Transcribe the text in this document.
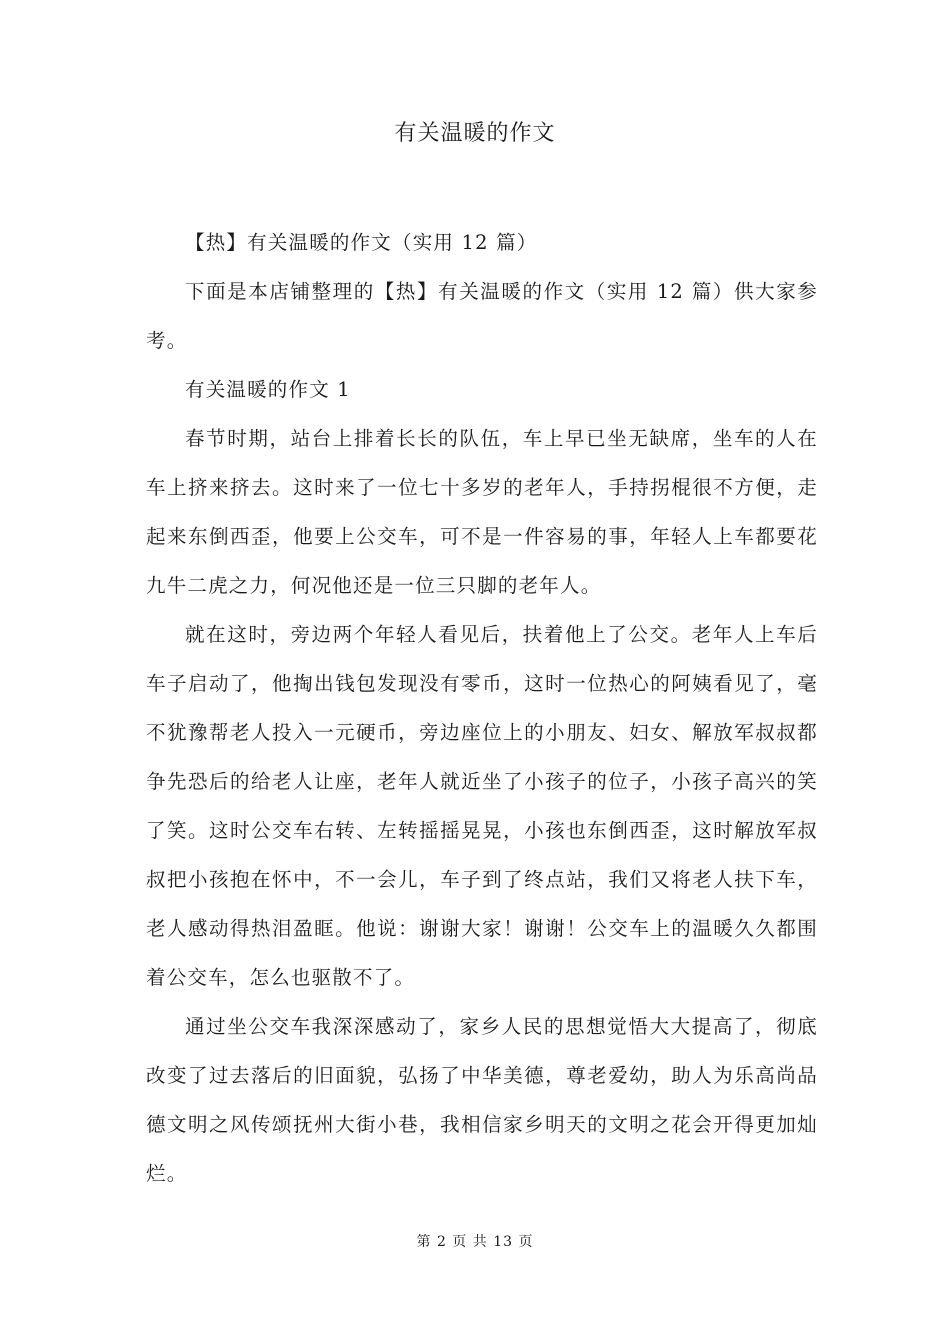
有关温暖的作文

【热】有关温暖的作文（实用 12 篇）

下面是本店铺整理的【热】有关温暖的作文（实用 12 篇）供大家参考。

有关温暖的作文 1

春节时期，站台上排着长长的队伍，车上早已坐无缺席，坐车的人在车上挤来挤去。这时来了一位七十多岁的老年人，手持拐棍很不方便，走起来东倒西歪，他要上公交车，可不是一件容易的事，年轻人上车都要花九牛二虎之力，何况他还是一位三只脚的老年人。

就在这时，旁边两个年轻人看见后，扶着他上了公交。老年人上车后车子启动了，他掏出钱包发现没有零币，这时一位热心的阿姨看见了，毫不犹豫帮老人投入一元硬币，旁边座位上的小朋友、妇女、解放军叔叔都争先恐后的给老人让座，老年人就近坐了小孩子的位子，小孩子高兴的笑了笑。这时公交车右转、左转摇摇晃晃，小孩也东倒西歪，这时解放军叔叔把小孩抱在怀中，不一会儿，车子到了终点站，我们又将老人扶下车，老人感动得热泪盈眶。他说：谢谢大家！谢谢！公交车上的温暖久久都围着公交车，怎么也驱散不了。

通过坐公交车我深深感动了，家乡人民的思想觉悟大大提高了，彻底改变了过去落后的旧面貌，弘扬了中华美德，尊老爱幼，助人为乐高尚品德文明之风传颂抚州大街小巷，我相信家乡明天的文明之花会开得更加灿烂。

第 2 页 共 13 页
